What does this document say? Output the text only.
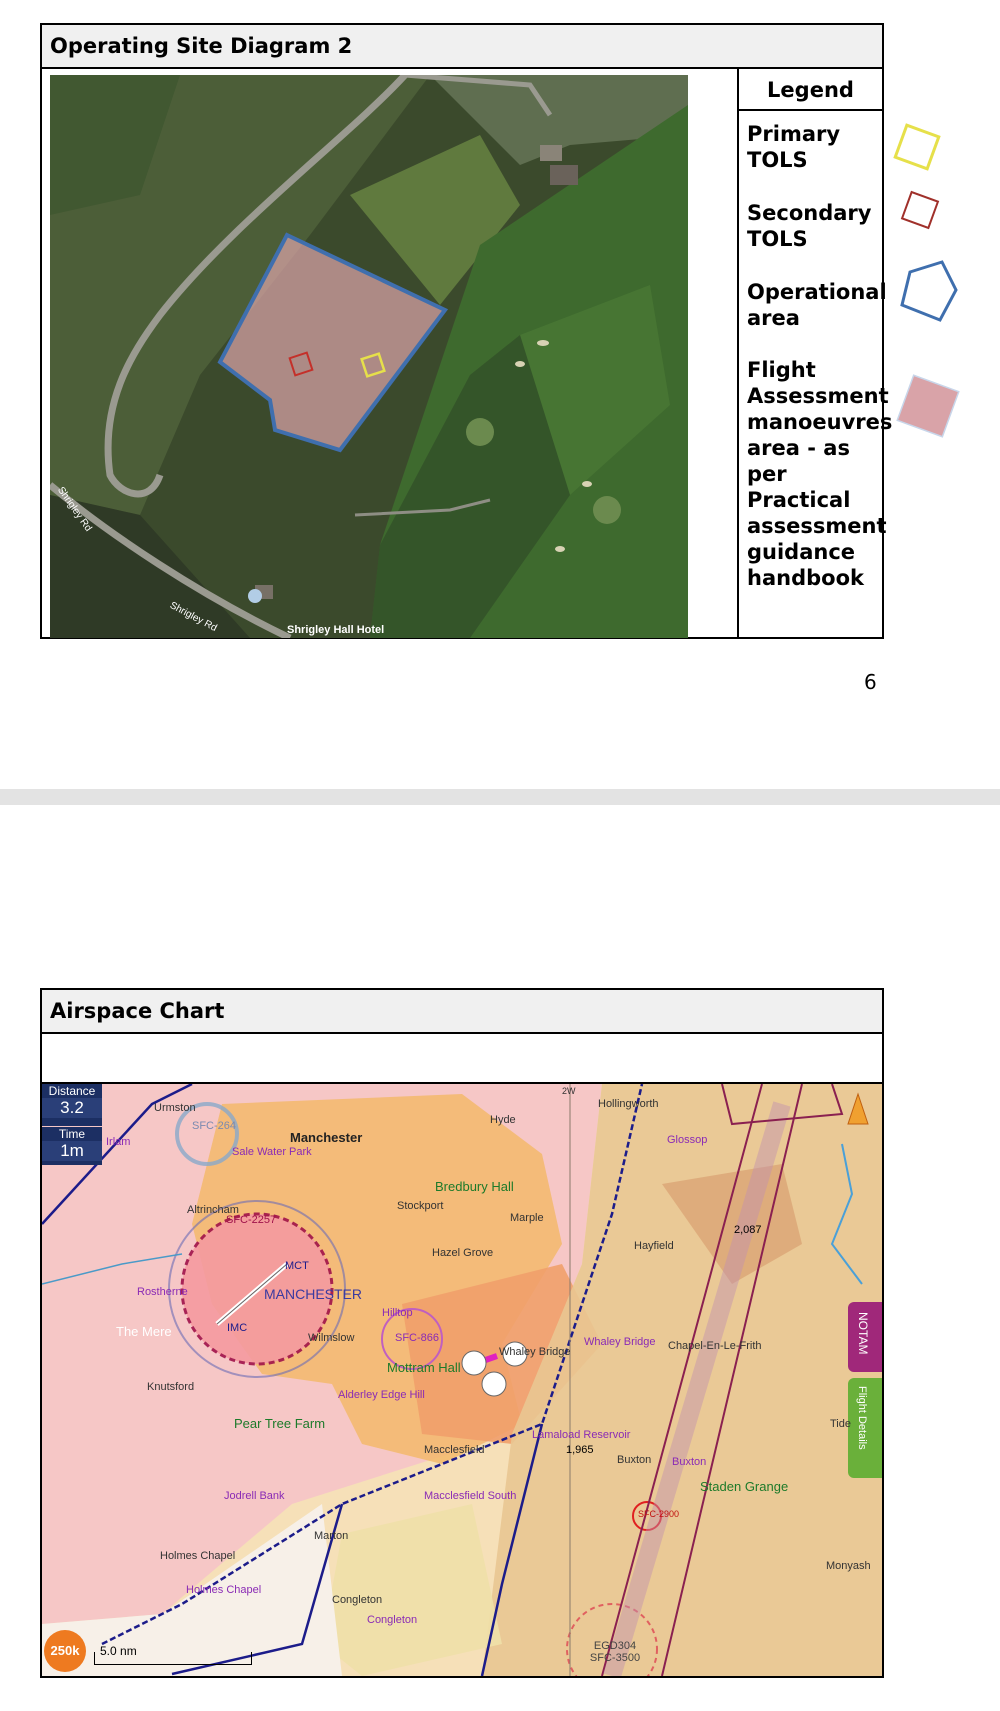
Operating Site Diagram 2
Shrigley Rd
Shrigley Rd	Shrigley Hall Hotel
Legend
Primary TOLS
Secondary TOLS
Operational area
Flight Assessment manoeuvres area - as per Practical assessment guidance handbook
6
Airspace Chart
Distance
3.2
Time
1m
NOTAM
Flight Details
250k	5.0 nm
Manchester
Hyde
Hollingworth
Glossop
Sale Water Park
Bredbury Hall
Stockport
Marple
Altrincham
Hazel Grove
Hayfield
MCT
MANCHESTER
Rostherne
IMC
The Mere	Wilmslow
Hilltop
Whaley Bridge
Whaley Bridge Chapel-En-Le-Frith
Mottram Hall
Knutsford
Alderley Edge Hill
Pear Tree Farm
Lamaload Reservoir
Macclesfield
Buxton Buxton
Staden Grange
Jodrell Bank	Macclesfield South
Marton
Holmes Chapel
Holmes Chapel
Congleton
Congleton
Monyash
Tide
Irlam
Urmston
SFC-2257
SFC-866
2,087
1,965
SFC-2900
EGD304 SFC-3500
2W
SFC-264
